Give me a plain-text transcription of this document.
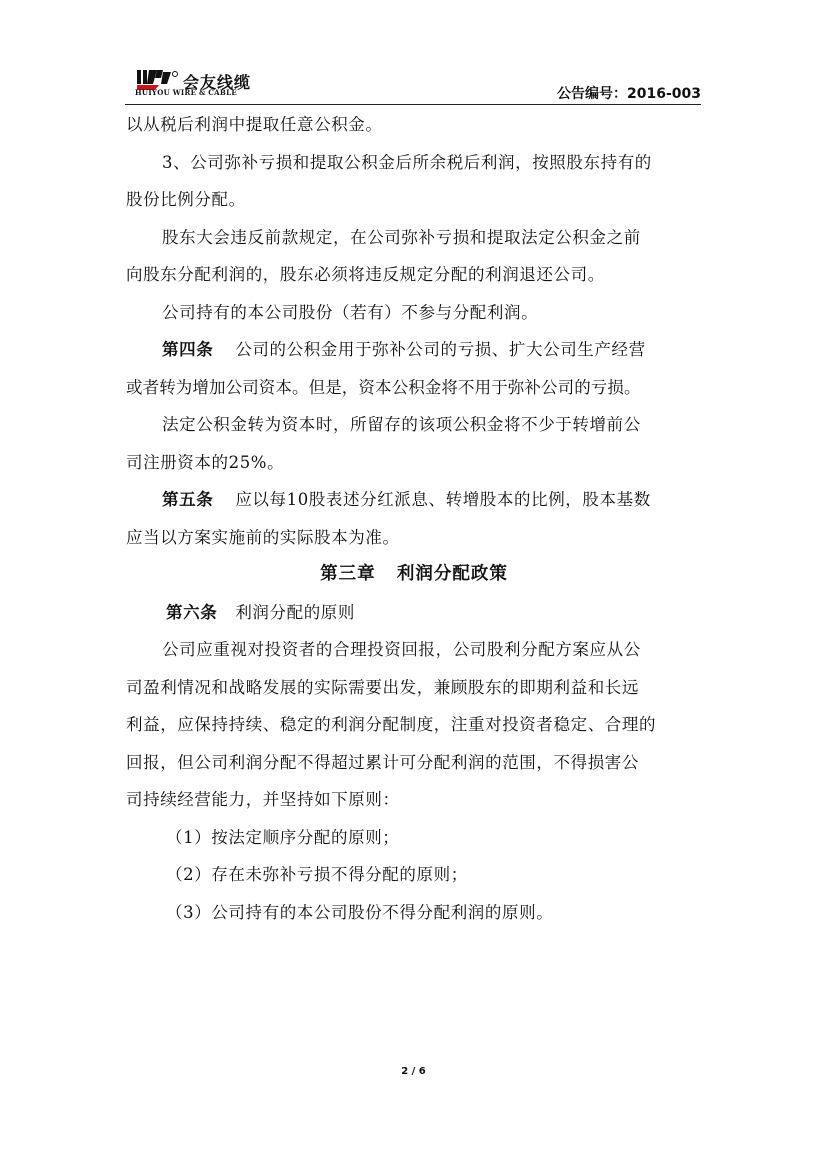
会友线缆
HUIYOU WIRE & CABLE	公告编号：2016-003

以从税后利润中提取任意公积金。

3、公司弥补亏损和提取公积金后所余税后利润，按照股东持有的

股份比例分配。

股东大会违反前款规定，在公司弥补亏损和提取法定公积金之前

向股东分配利润的，股东必须将违反规定分配的利润退还公司。

公司持有的本公司股份（若有）不参与分配利润。

第四条 公司的公积金用于弥补公司的亏损、扩大公司生产经营

或者转为增加公司资本。但是，资本公积金将不用于弥补公司的亏损。

法定公积金转为资本时，所留存的该项公积金将不少于转增前公

司注册资本的25%。

第五条 应以每10股表述分红派息、转增股本的比例，股本基数

应当以方案实施前的实际股本为准。

第三章   利润分配政策

第六条 利润分配的原则

公司应重视对投资者的合理投资回报，公司股利分配方案应从公

司盈利情况和战略发展的实际需要出发，兼顾股东的即期利益和长远

利益，应保持持续、稳定的利润分配制度，注重对投资者稳定、合理的

回报，但公司利润分配不得超过累计可分配利润的范围，不得损害公

司持续经营能力，并坚持如下原则：

（1）按法定顺序分配的原则；

（2）存在未弥补亏损不得分配的原则；

（3）公司持有的本公司股份不得分配利润的原则。

2 / 6
